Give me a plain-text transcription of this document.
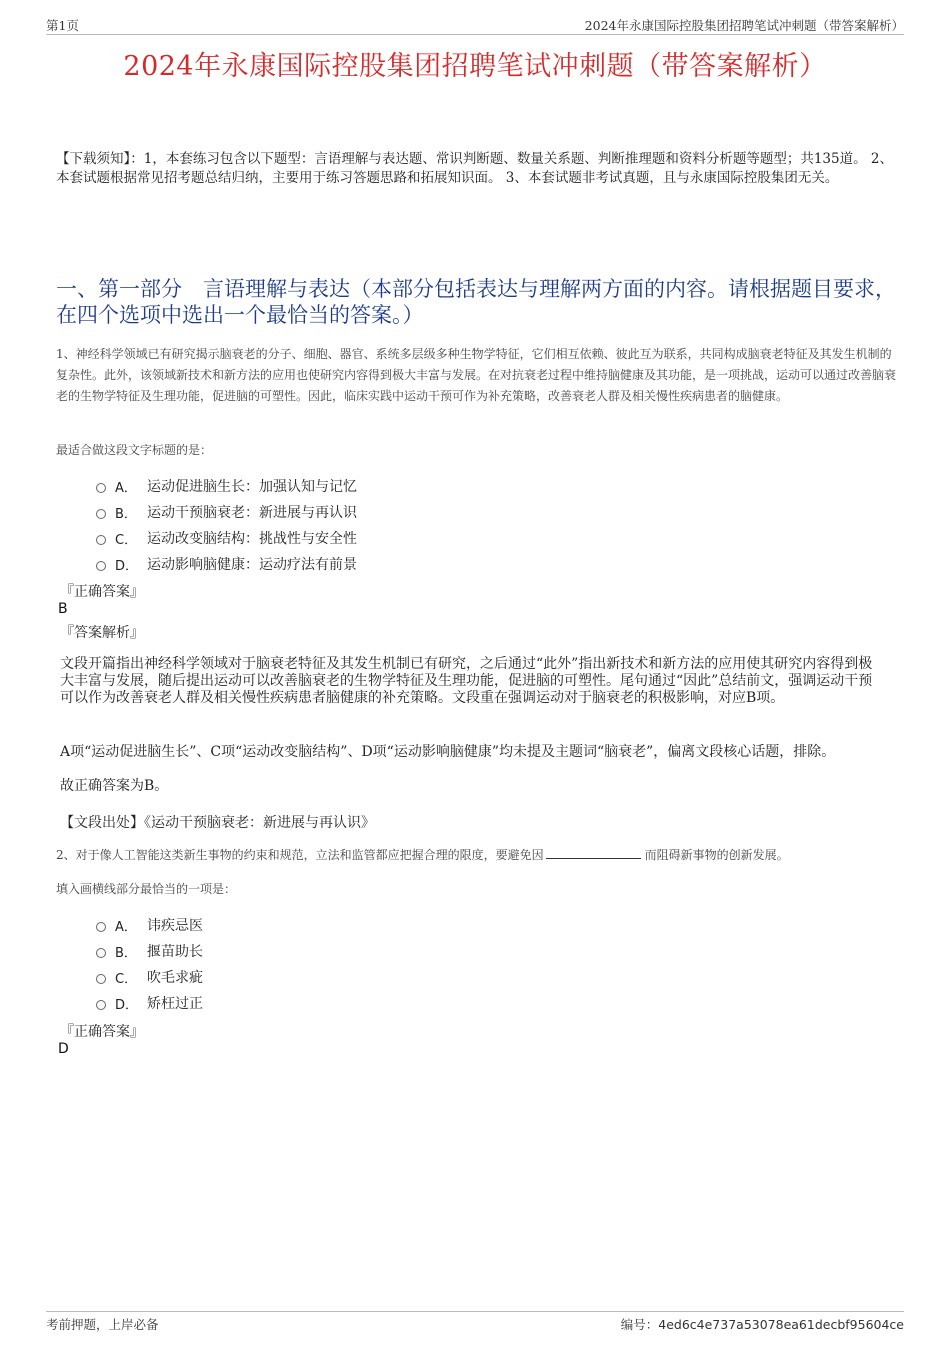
第1页	2024年永康国际控股集团招聘笔试冲刺题（带答案解析）
2024年永康国际控股集团招聘笔试冲刺题（带答案解析）
【下载须知】：1，本套练习包含以下题型：言语理解与表达题、常识判断题、数量关系题、判断推理题和资料分析题等题型；共135道。 2、本套试题根据常见招考题总结归纳，主要用于练习答题思路和拓展知识面。 3、本套试题非考试真题，且与永康国际控股集团无关。
一、第一部分　言语理解与表达（本部分包括表达与理解两方面的内容。请根据题目要求，在四个选项中选出一个最恰当的答案。）
1、神经科学领域已有研究揭示脑衰老的分子、细胞、器官、系统多层级多种生物学特征，它们相互依赖、彼此互为联系，共同构成脑衰老特征及其发生机制的复杂性。此外，该领域新技术和新方法的应用也使研究内容得到极大丰富与发展。在对抗衰老过程中维持脑健康及其功能，是一项挑战，运动可以通过改善脑衰老的生物学特征及生理功能，促进脑的可塑性。因此，临床实践中运动干预可作为补充策略，改善衰老人群及相关慢性疾病患者的脑健康。
最适合做这段文字标题的是：
A． 运动促进脑生长：加强认知与记忆
B． 运动干预脑衰老：新进展与再认识
C． 运动改变脑结构：挑战性与安全性
D． 运动影响脑健康：运动疗法有前景
『正确答案』
B
『答案解析』
文段开篇指出神经科学领域对于脑衰老特征及其发生机制已有研究，之后通过“此外”指出新技术和新方法的应用使其研究内容得到极大丰富与发展，随后提出运动可以改善脑衰老的生物学特征及生理功能，促进脑的可塑性。尾句通过“因此”总结前文，强调运动干预可以作为改善衰老人群及相关慢性疾病患者脑健康的补充策略。文段重在强调运动对于脑衰老的积极影响，对应B项。
A项“运动促进脑生长”、C项“运动改变脑结构”、D项“运动影响脑健康”均未提及主题词“脑衰老”，偏离文段核心话题，排除。
故正确答案为B。
【文段出处】《运动干预脑衰老：新进展与再认识》
2、对于像人工智能这类新生事物的约束和规范，立法和监管都应把握合理的限度，要避免因	而阻碍新事物的创新发展。
填入画横线部分最恰当的一项是：
A． 讳疾忌医
B． 揠苗助长
C． 吹毛求疵
D． 矫枉过正
『正确答案』
D
考前押题，上岸必备	编号：4ed6c4e737a53078ea61decbf95604ce
